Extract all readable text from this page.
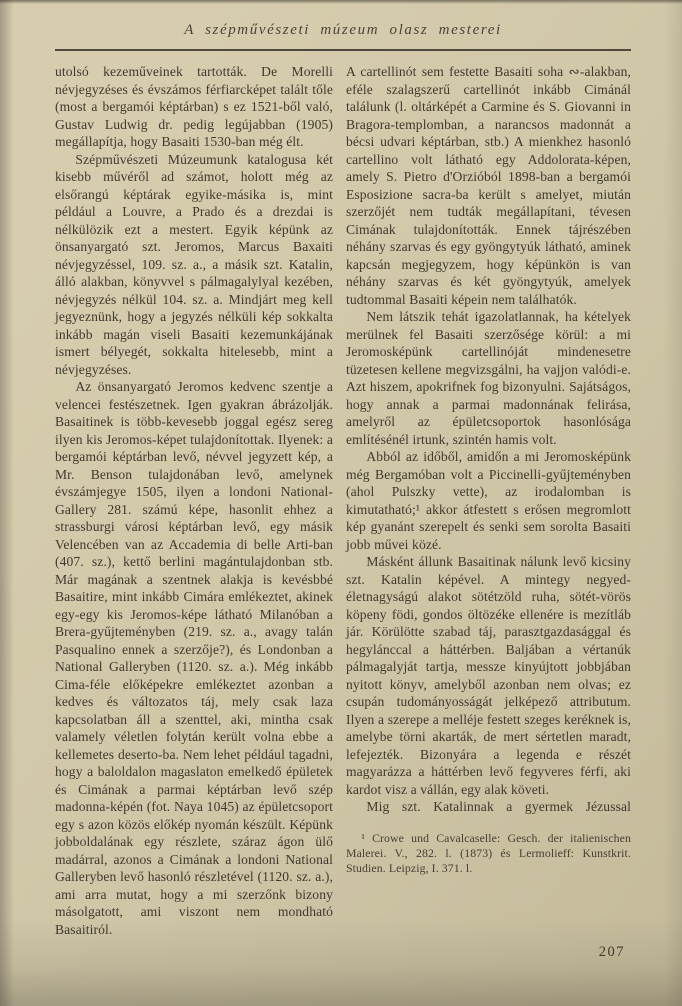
A szépművészeti múzeum olasz mesterei

utolsó kezeműveinek tartották. De Morelli névjegyzéses és évszámos férfiarcképet talált tőle (most a bergamói képtárban) s ez 1521-ből való, Gustav Ludwig dr. pedig legújabban (1905) megállapítja, hogy Basaiti 1530-ban még élt.

Szépművészeti Múzeumunk katalogusa két kisebb művéről ad számot, holott még az elsőrangú képtárak egyike-másika is, mint például a Louvre, a Prado és a drezdai is nélkülözik ezt a mestert. Egyik képünk az önsanyargató szt. Jeromos, Marcus Baxaiti névjegyzéssel, 109. sz. a., a másik szt. Katalin, álló alakban, könyvvel s pálmagalylyal kezében, névjegyzés nélkül 104. sz. a. Mindjárt meg kell jegyeznünk, hogy a jegyzés nélküli kép sokkalta inkább magán viseli Basaiti kezemunkájának ismert bélyegét, sokkalta hitelesebb, mint a névjegyzéses.

Az önsanyargató Jeromos kedvenc szentje a velencei festészetnek. Igen gyakran ábrázolják. Basaitinek is több-kevesebb joggal egész sereg ilyen kis Jeromos-képet tulajdonítottak. Ilyenek: a bergamói képtárban levő, névvel jegyzett kép, a Mr. Benson tulajdonában levő, amelynek évszámjegye 1505, ilyen a londoni National-Gallery 281. számú képe, hasonlit ehhez a strassburgi városi képtárban levő, egy másik Velencében van az Accademia di belle Arti-ban (407. sz.), kettő berlini magántulajdonban stb. Már magának a szentnek alakja is kevésbbé Basaitire, mint inkább Cimára emlékeztet, akinek egy-egy kis Jeromos-képe látható Milanóban a Brera-gyűjteményben (219. sz. a., avagy talán Pasqualino ennek a szerzője?), és Londonban a National Galleryben (1120. sz. a.). Még inkább Cima-féle előképekre emlékeztet azonban a kedves és változatos táj, mely csak laza kapcsolatban áll a szenttel, aki, mintha csak valamely véletlen folytán került volna ebbe a kellemetes deserto-ba. Nem lehet például tagadni, hogy a baloldalon magaslaton emelkedő épületek és Cimának a parmai képtárban levő szép madonna-képén (fot. Naya 1045) az épületcsoport egy s azon közös előkép nyomán készült. Képünk jobboldalának egy részlete, száraz ágon ülő madárral, azonos a Cimának a londoni National Galleryben levő hasonló részletével (1120. sz. a.), ami arra mutat, hogy a mi szerzőnk bizony másolgatott, ami viszont nem mondható Basaitiról.

A cartellinót sem festette Basaiti soha ∾-alakban, eféle szalagszerű cartellinót inkább Cimánál találunk (l. oltárképét a Carmine és S. Giovanni in Bragora-templomban, a narancsos madonnát a bécsi udvari képtárban, stb.) A mienkhez hasonló cartellino volt látható egy Addolorata-képen, amely S. Pietro d'Orzióból 1898-ban a bergamói Esposizione sacra-ba került s amelyet, miután szerzőjét nem tudták megállapítani, tévesen Cimának tulajdonították. Ennek tájrészében néhány szarvas és egy gyöngytyúk látható, aminek kapcsán megjegyzem, hogy képünkön is van néhány szarvas és két gyöngytyúk, amelyek tudtommal Basaiti képein nem találhatók.

Nem látszik tehát igazolatlannak, ha kételyek merülnek fel Basaiti szerzősége körül: a mi Jeromosképünk cartellinóját mindenesetre tüzetesen kellene megvizsgálni, ha vajjon valódi-e. Azt hiszem, apokrifnek fog bizonyulni. Sajátságos, hogy annak a parmai madonnának felirása, amelyről az épületcsoportok hasonlósága említésénél irtunk, szintén hamis volt.

Abból az időből, amidőn a mi Jeromosképünk még Bergamóban volt a Piccinelli-gyűjteményben (ahol Pulszky vette), az irodalomban is kimutatható;¹ akkor átfestett s erősen megromlott kép gyanánt szerepelt és senki sem sorolta Basaiti jobb művei közé.

Másként állunk Basaitinak nálunk levő kicsiny szt. Katalin képével. A mintegy negyed-életnagyságú alakot sötétzöld ruha, sötét-vörös köpeny födi, gondos öltözéke ellenére is mezítláb jár. Körülötte szabad táj, parasztgazdasággal és hegylánccal a háttérben. Baljában a vértanúk pálmagalyját tartja, messze kinyújtott jobbjában nyitott könyv, amelyből azonban nem olvas; ez csupán tudományosságát jelképező attributum. Ilyen a szerepe a melléje festett szeges keréknek is, amelybe törni akarták, de mert sértetlen maradt, lefejezték. Bizonyára a legenda e részét magyarázza a háttérben levő fegyveres férfi, aki kardot visz a vállán, egy alak követi.

Mig szt. Katalinnak a gyermek Jézussal

¹ Crowe und Cavalcaselle: Gesch. der italienischen Malerei. V., 282. l. (1873) és Lermolieff: Kunstkrit. Studien. Leipzig, I. 371. l.
207
